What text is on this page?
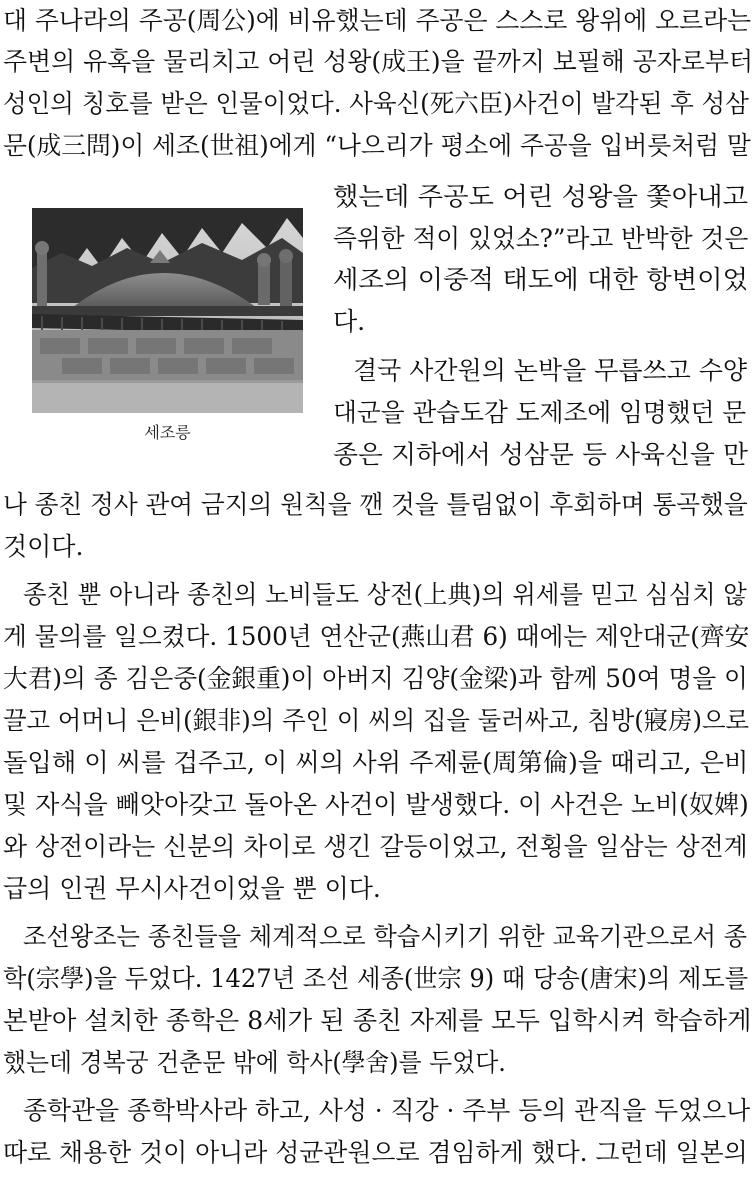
대 주나라의 주공(周公)에 비유했는데 주공은 스스로 왕위에 오르라는

주변의 유혹을 물리치고 어린 성왕(成王)을 끝까지 보필해 공자로부터

성인의 칭호를 받은 인물이었다. 사육신(死六臣)사건이 발각된 후 성삼

문(成三問)이 세조(世祖)에게 “나으리가 평소에 주공을 입버릇처럼 말

세조릉

했는데 주공도 어린 성왕을 쫓아내고

즉위한 적이 있었소?”라고 반박한 것은

세조의 이중적 태도에 대한 항변이었

다.

결국 사간원의 논박을 무릅쓰고 수양

대군을 관습도감 도제조에 임명했던 문

종은 지하에서 성삼문 등 사육신을 만

나 종친 정사 관여 금지의 원칙을 깬 것을 틀림없이 후회하며 통곡했을

것이다.

종친 뿐 아니라 종친의 노비들도 상전(上典)의 위세를 믿고 심심치 않

게 물의를 일으켰다. 1500년 연산군(燕山君 6) 때에는 제안대군(齊安

大君)의 종 김은중(金銀重)이 아버지 김양(金梁)과 함께 50여 명을 이

끌고 어머니 은비(銀非)의 주인 이 씨의 집을 둘러싸고, 침방(寢房)으로

돌입해 이 씨를 겁주고, 이 씨의 사위 주제륜(周第倫)을 때리고, 은비

및 자식을 빼앗아갖고 돌아온 사건이 발생했다. 이 사건은 노비(奴婢)

와 상전이라는 신분의 차이로 생긴 갈등이었고, 전횡을 일삼는 상전계

급의 인권 무시사건이었을 뿐 이다.

조선왕조는 종친들을 체계적으로 학습시키기 위한 교육기관으로서 종

학(宗學)을 두었다. 1427년 조선 세종(世宗 9) 때 당송(唐宋)의 제도를

본받아 설치한 종학은 8세가 된 종친 자제를 모두 입학시켜 학습하게

했는데 경복궁 건춘문 밖에 학사(學舍)를 두었다.

종학관을 종학박사라 하고, 사성 · 직강 · 주부 등의 관직을 두었으나

따로 채용한 것이 아니라 성균관원으로 겸임하게 했다. 그런데 일본의
